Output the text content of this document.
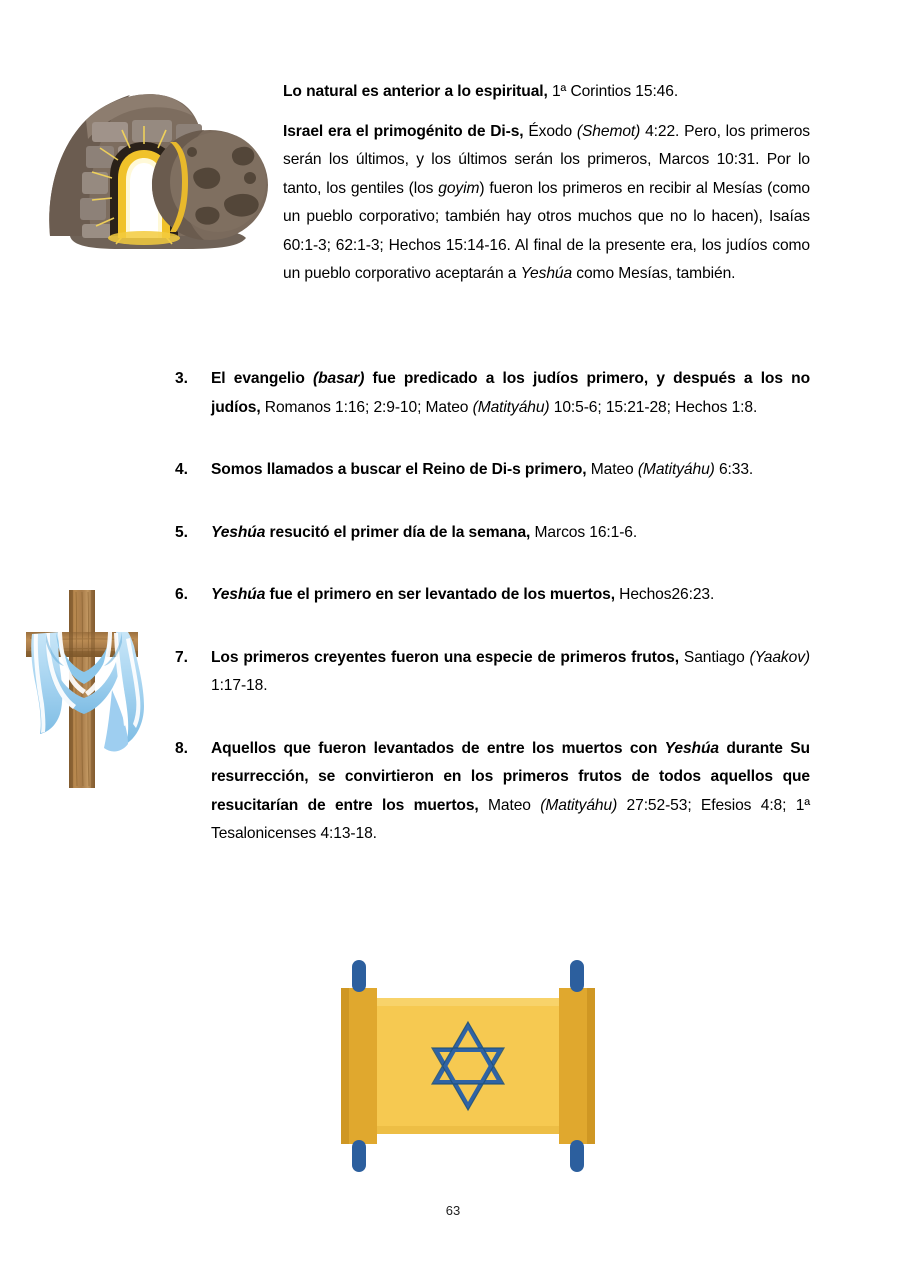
Lo natural es anterior a lo espiritual, 1ª Corintios 15:46.

Israel era el primogénito de Di-s, Éxodo (Shemot) 4:22. Pero, los primeros serán los últimos, y los últimos serán los primeros, Marcos 10:31. Por lo tanto, los gentiles (los goyim) fueron los primeros en recibir al Mesías (como un pueblo corporativo; también hay otros muchos que no lo hacen), Isaías 60:1-3; 62:1-3; Hechos 15:14-16. Al final de la presente era, los judíos como un pueblo corporativo aceptarán a Yeshúa como Mesías, también.

3.	El evangelio (basar) fue predicado a los judíos primero, y después a los no judíos, Romanos 1:16; 2:9-10; Mateo (Matityáhu) 10:5-6; 15:21-28; Hechos 1:8.
4.	Somos llamados a buscar el Reino de Di-s primero, Mateo (Matityáhu) 6:33.
5.	Yeshúa resucitó el primer día de la semana, Marcos 16:1-6.
6.	Yeshúa fue el primero en ser levantado de los muertos, Hechos26:23.
7.	Los primeros creyentes fueron una especie de primeros frutos, Santiago (Yaakov) 1:17-18.
8.	Aquellos que fueron levantados de entre los muertos con Yeshúa durante Su resurrección, se convirtieron en los primeros frutos de todos aquellos que resucitarían de entre los muertos, Mateo (Matityáhu) 27:52-53; Efesios 4:8; 1ª Tesalonicenses 4:13-18.
63
